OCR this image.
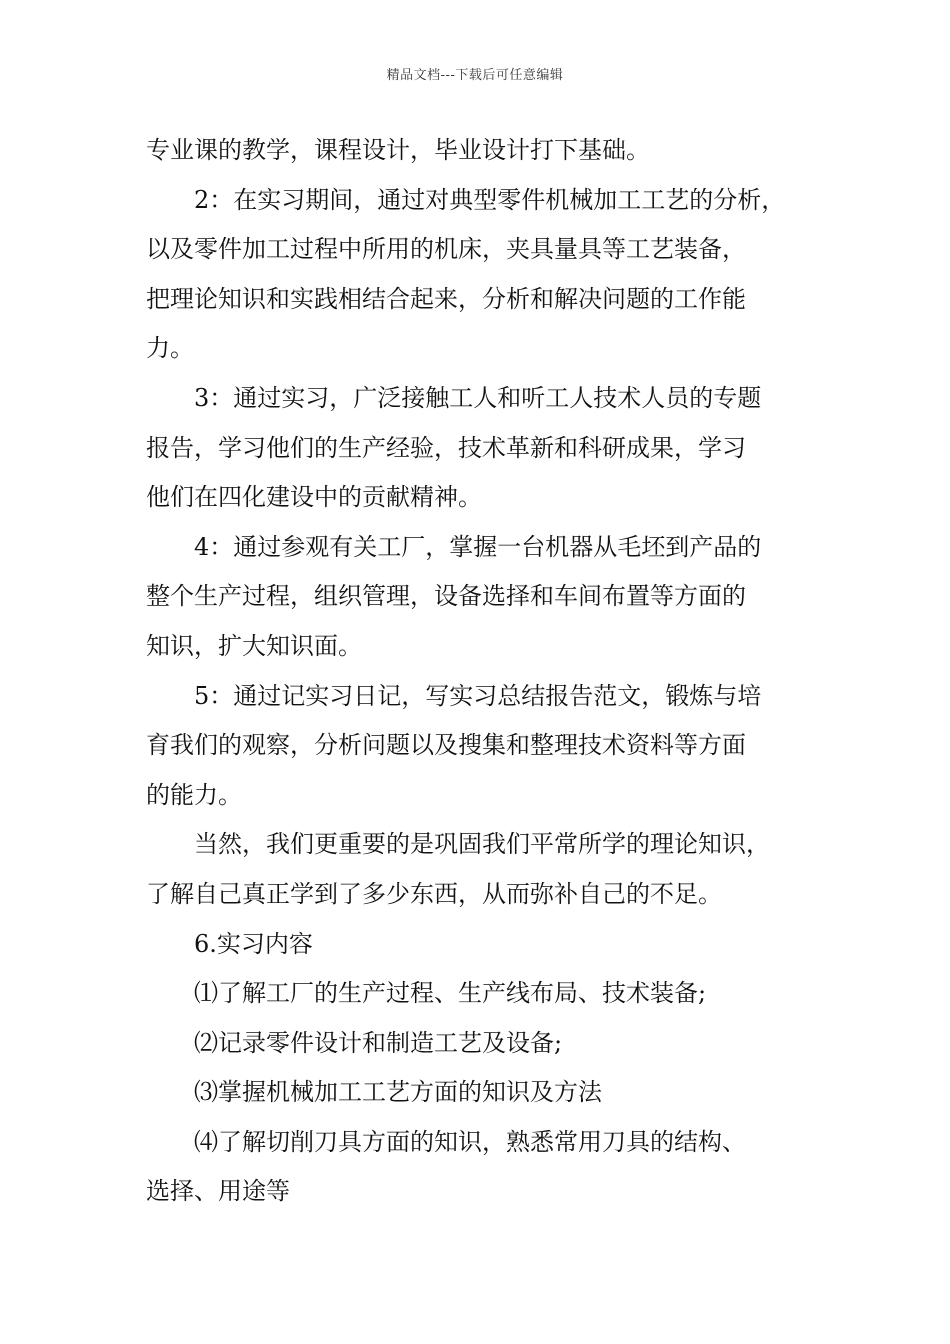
精品文档---下载后可任意编辑
专业课的教学，课程设计，毕业设计打下基础。
2：在实习期间，通过对典型零件机械加工工艺的分析，
以及零件加工过程中所用的机床，夹具量具等工艺装备，
把理论知识和实践相结合起来，分析和解决问题的工作能
力。
3：通过实习，广泛接触工人和听工人技术人员的专题
报告，学习他们的生产经验，技术革新和科研成果，学习
他们在四化建设中的贡献精神。
4：通过参观有关工厂，掌握一台机器从毛坯到产品的
整个生产过程，组织管理，设备选择和车间布置等方面的
知识，扩大知识面。
5：通过记实习日记，写实习总结报告范文，锻炼与培
育我们的观察，分析问题以及搜集和整理技术资料等方面
的能力。
当然，我们更重要的是巩固我们平常所学的理论知识，
了解自己真正学到了多少东西，从而弥补自己的不足。
6.实习内容
⑴了解工厂的生产过程、生产线布局、技术装备;
⑵记录零件设计和制造工艺及设备;
⑶掌握机械加工工艺方面的知识及方法
⑷了解切削刀具方面的知识，熟悉常用刀具的结构、
选择、用途等
